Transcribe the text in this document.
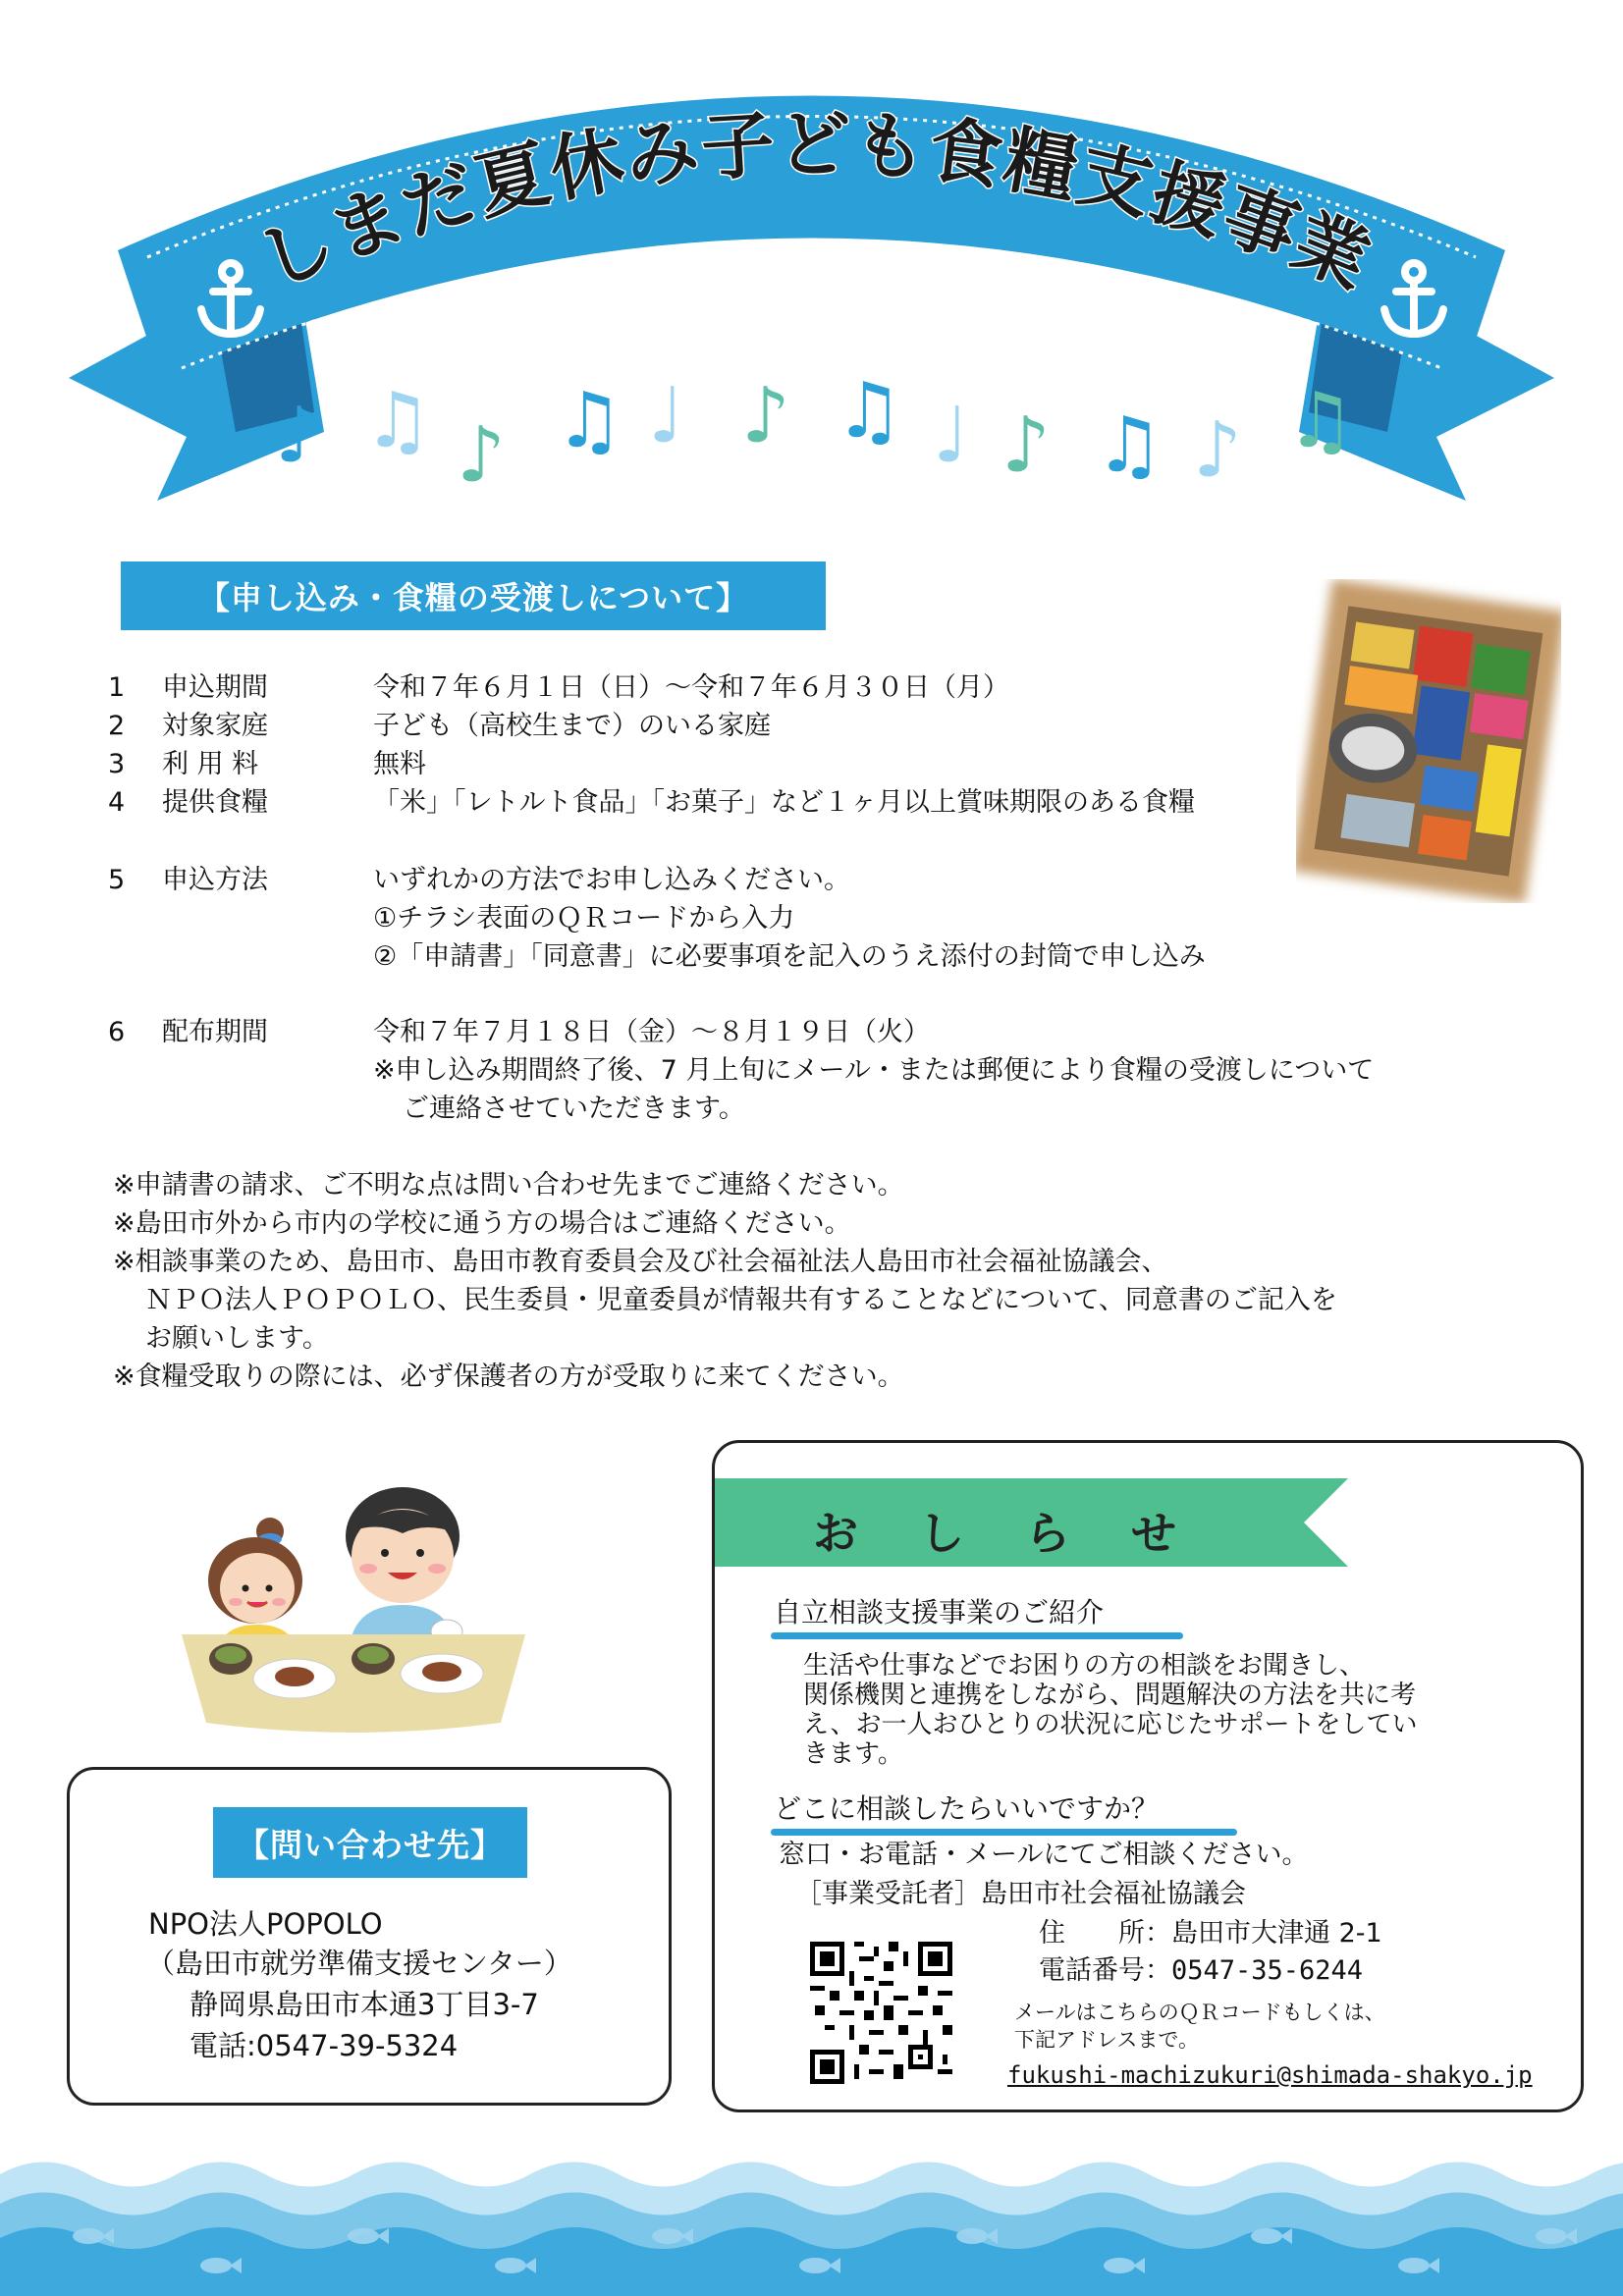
♪ ♫ ♪ ♫ ♩ ♪ ♫ ♩ ♪ ♫ ♪ ♫
しまだ夏休み子ども食糧支援事業
【申し込み・食糧の受渡しについて】
1	申込期間	令和７年６月１日（日）～令和７年６月３０日（月）
2	対象家庭	子ども（高校生まで）のいる家庭
3	利 用 料	無料
4	提供食糧	「米」「レトルト食品」「お菓子」など１ヶ月以上賞味期限のある食糧
5	申込方法	いずれかの方法でお申し込みください。
①チラシ表面のＱＲコードから入力
②「申請書」「同意書」に必要事項を記入のうえ添付の封筒で申し込み
6	配布期間	令和７年７月１８日（金）～８月１９日（火）
※申し込み期間終了後、7 月上旬にメール・または郵便により食糧の受渡しについて
ご連絡させていただきます。
※申請書の請求、ご不明な点は問い合わせ先までご連絡ください。
※島田市外から市内の学校に通う方の場合はご連絡ください。
※相談事業のため、島田市、島田市教育委員会及び社会福祉法人島田市社会福祉協議会、
ＮＰＯ法人ＰＯＰＯＬＯ、民生委員・児童委員が情報共有することなどについて、同意書のご記入を
お願いします。
※食糧受取りの際には、必ず保護者の方が受取りに来てください。
【問い合わせ先】
NPO法人POPOLO
（島田市就労準備支援センター）
静岡県島田市本通3丁目3-7
電話:0547-39-5324
お　し　ら　せ
自立相談支援事業のご紹介
生活や仕事などでお困りの方の相談をお聞きし、
関係機関と連携をしながら、問題解決の方法を共に考
え、お一人おひとりの状況に応じたサポートをしてい
きます。
どこに相談したらいいですか？
窓口・お電話・メールにてご相談ください。
［事業受託者］島田市社会福祉協議会
住　　所：島田市大津通 2-1
電話番号：0547-35-6244
メールはこちらのＱＲコードもしくは、
下記アドレスまで。
fukushi-machizukuri@shimada-shakyo.jp
